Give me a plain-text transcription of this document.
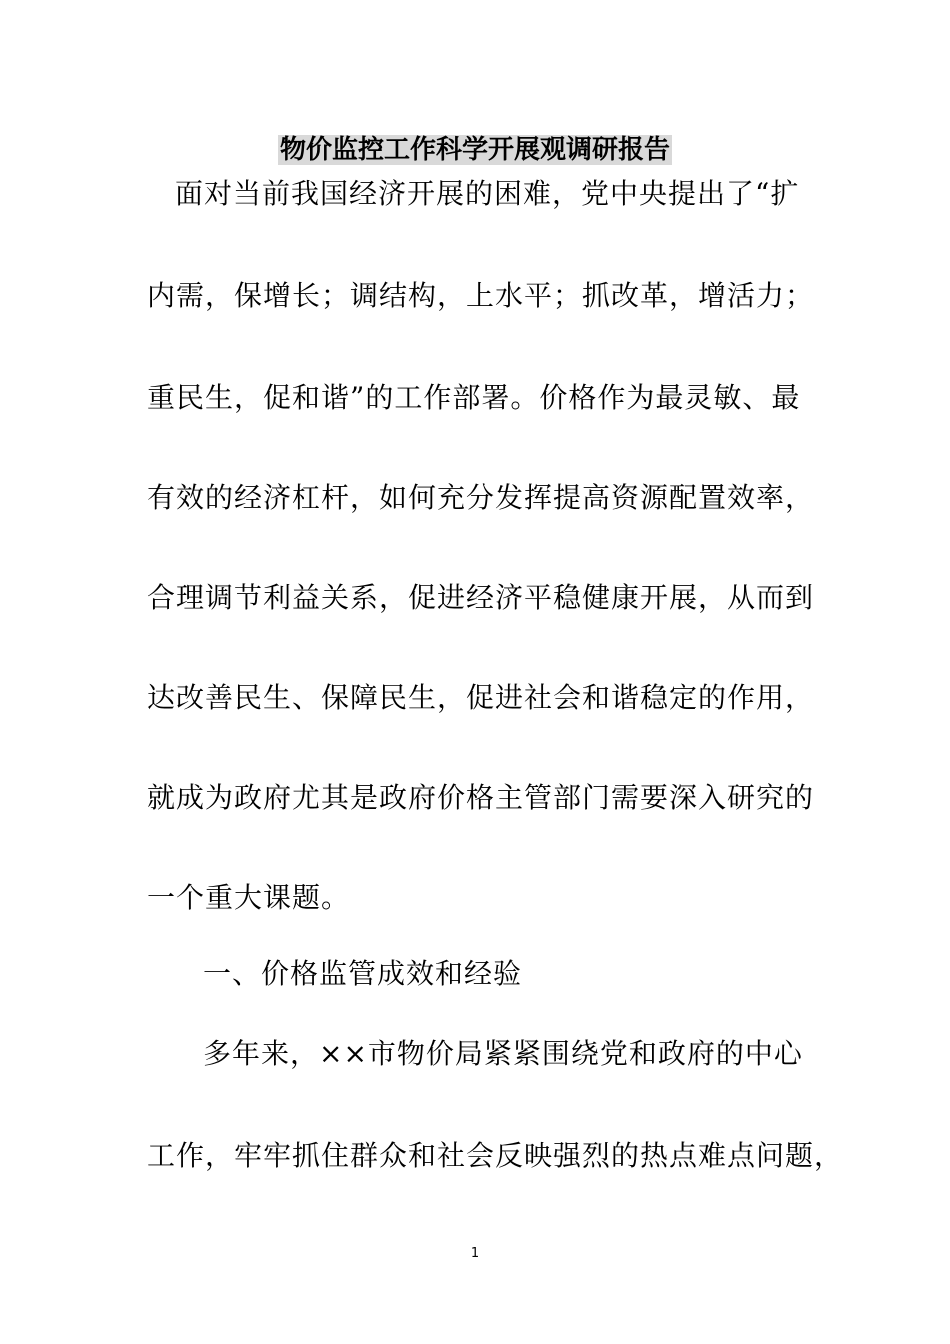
物价监控工作科学开展观调研报告
面对当前我国经济开展的困难，党中央提出了“扩
内需，保增长；调结构，上水平；抓改革，增活力；
重民生，促和谐”的工作部署。价格作为最灵敏、最
有效的经济杠杆，如何充分发挥提高资源配置效率，
合理调节利益关系，促进经济平稳健康开展，从而到
达改善民生、保障民生，促进社会和谐稳定的作用，
就成为政府尤其是政府价格主管部门需要深入研究的
一个重大课题。
一、价格监管成效和经验
多年来，××市物价局紧紧围绕党和政府的中心
工作，牢牢抓住群众和社会反映强烈的热点难点问题，
1
